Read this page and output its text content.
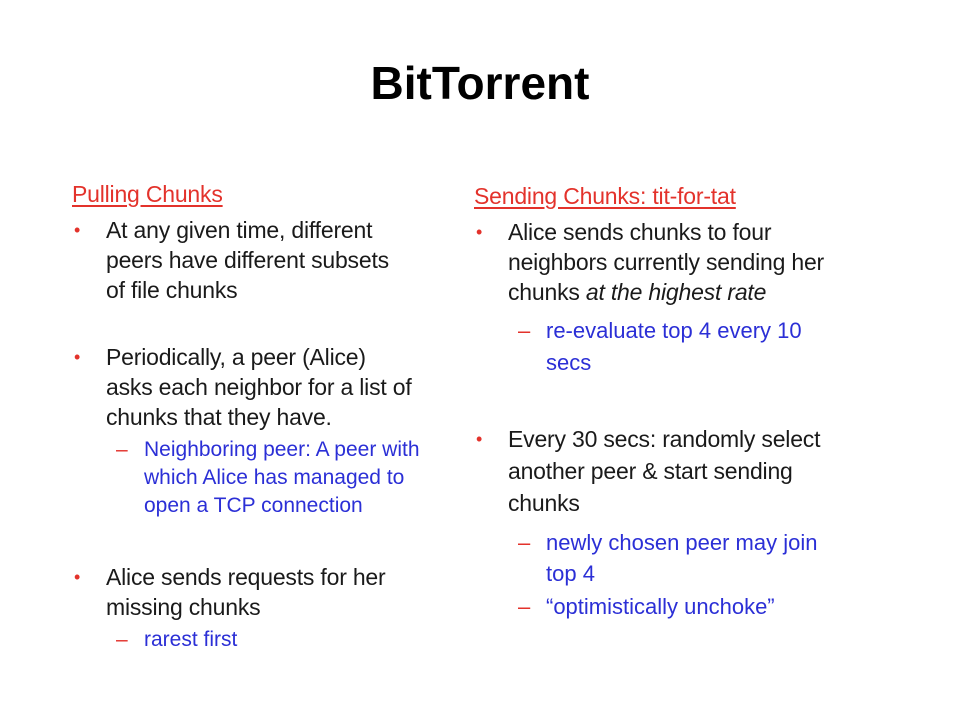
BitTorrent
Pulling Chunks
• At any given time, different
peers have different subsets
of file chunks
• Periodically, a peer (Alice)
asks each neighbor for a list of
chunks that they have.
– Neighboring peer: A peer with
which Alice has managed to
open a TCP connection
• Alice sends requests for her
missing chunks
– rarest first
Sending Chunks: tit-for-tat
• Alice sends chunks to four
neighbors currently sending her
chunks at the highest rate
– re-evaluate top 4 every 10
secs
• Every 30 secs: randomly select
another peer & start sending
chunks
– newly chosen peer may join
top 4
– “optimistically unchoke”
